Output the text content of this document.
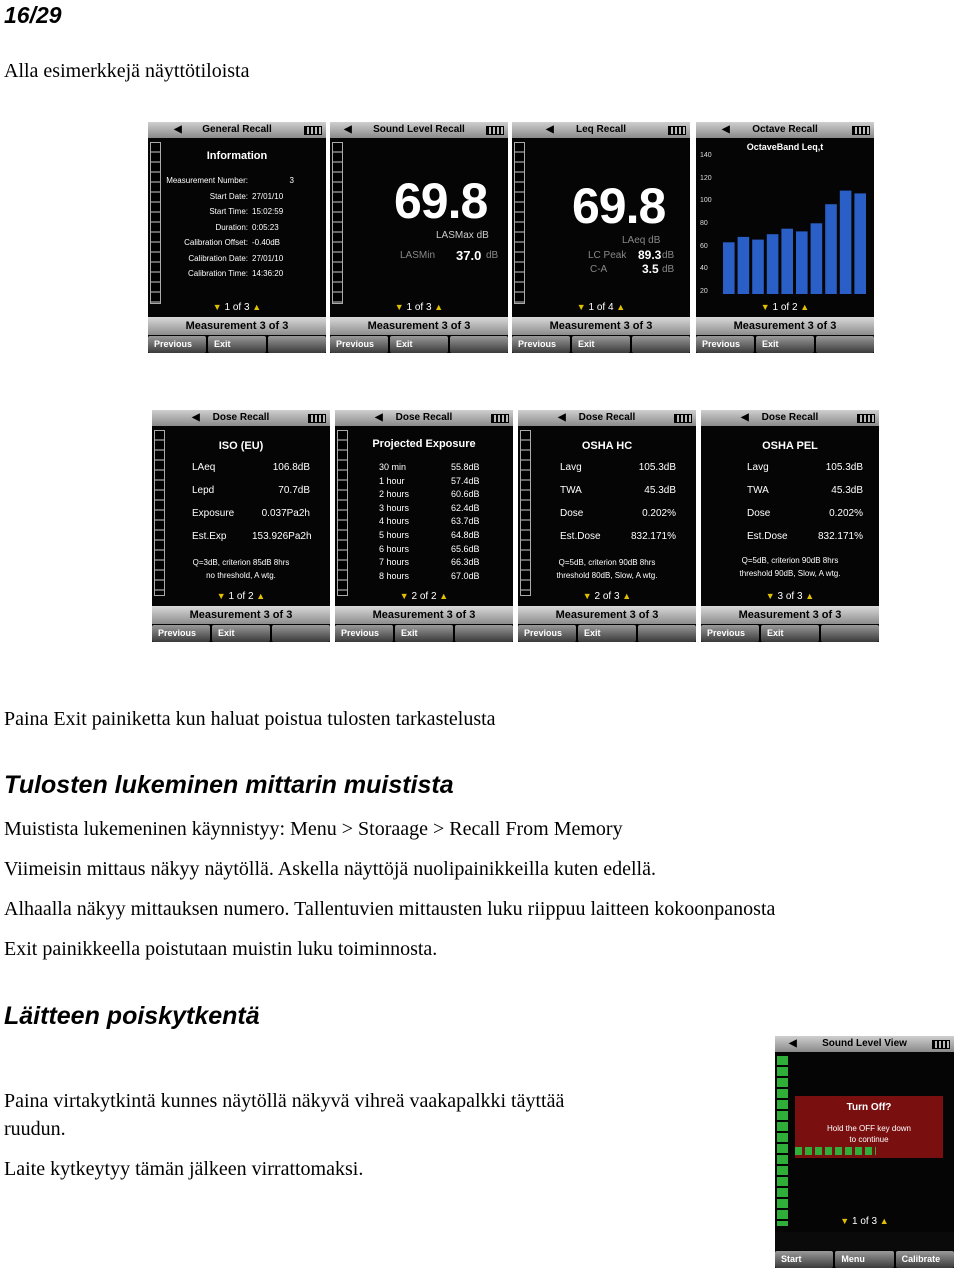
16/29
Alla esimerkkejä näyttötiloista
◀ General Recall
Information
Measurement Number:	3
Start Date: 27/01/10
Start Time: 15:02:59
Duration: 0:05:23
Calibration Offset: -0.40dB
Calibration Date: 27/01/10
Calibration Time: 14:36:20
▼ 1 of 3 ▲
Measurement 3 of 3
Previous	Exit
◀ Sound Level Recall
69.8
LASMax dB
LASMin 37.0 dB
▼ 1 of 3 ▲
Measurement 3 of 3
Previous	Exit
◀ Leq Recall
69.8
LAeq dB
LC Peak 89.3 dB
C-A	3.5 dB
▼ 1 of 4 ▲
Measurement 3 of 3
Previous	Exit
◀ Octave Recall
OctaveBand Leq,t
140
120
100
80
60
40
20
▼ 1 of 2 ▲
Measurement 3 of 3
Previous	Exit
◀ Dose Recall
ISO (EU)
LAeq	106.8dB
Lepd	70.7dB
Exposure	0.037Pa2h
Est.Exp	153.926Pa2h
Q=3dB, criterion 85dB 8hrs
no threshold, A wtg.
▼ 1 of 2 ▲
Measurement 3 of 3
Previous	Exit
◀ Dose Recall
Projected Exposure
30 min	55.8dB
1 hour	57.4dB
2 hours	60.6dB
3 hours	62.4dB
4 hours	63.7dB
5 hours	64.8dB
6 hours	65.6dB
7 hours	66.3dB
8 hours	67.0dB
▼ 2 of 2 ▲
Measurement 3 of 3
Previous	Exit
◀ Dose Recall
OSHA HC
Lavg	105.3dB
TWA	45.3dB
Dose	0.202%
Est.Dose	832.171%
Q=5dB, criterion 90dB 8hrs
threshold 80dB, Slow, A wtg.
▼ 2 of 3 ▲
Measurement 3 of 3
Previous	Exit
◀ Dose Recall
OSHA PEL
Lavg	105.3dB
TWA	45.3dB
Dose	0.202%
Est.Dose	832.171%
Q=5dB, criterion 90dB 8hrs
threshold 90dB, Slow, A wtg.
▼ 3 of 3 ▲
Measurement 3 of 3
Previous	Exit
Paina Exit painiketta kun haluat poistua tulosten tarkastelusta
Tulosten lukeminen mittarin muistista
Muistista lukemeninen käynnistyy: Menu > Storaage > Recall From Memory
Viimeisin mittaus näkyy näytöllä. Askella näyttöjä nuolipainikkeilla kuten edellä.
Alhaalla näkyy mittauksen numero. Tallentuvien mittausten luku riippuu laitteen kokoonpanosta
Exit painikkeella poistutaan muistin luku toiminnosta.
Läitteen poiskytkentä
Paina virtakytkintä kunnes näytöllä näkyvä vihreä vaakapalkki täyttää
ruudun.
Laite kytkeytyy tämän jälkeen virrattomaksi.
◀	Sound Level View
Turn Off?
Hold the OFF key down
to continue
▼ 1 of 3 ▲
Start	Menu	Calibrate
